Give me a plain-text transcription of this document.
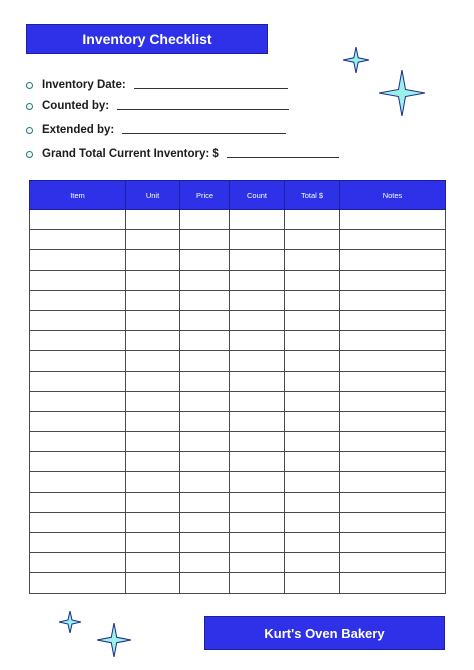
Inventory Checklist
Inventory Date:
Counted by:
Extended by:
Grand Total Current Inventory: $
Item	Unit	Price	Count	Total $	Notes

Kurt's Oven Bakery
